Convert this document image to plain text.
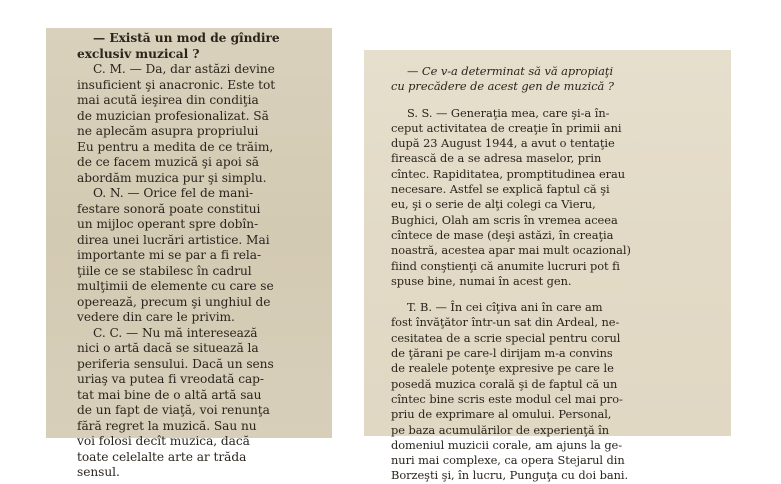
— Există un mod de gîndire
exclusiv muzical ?
C. M. — Da, dar astăzi devine
insuficient şi anacronic. Este tot
mai acută ieşirea din condiţia
de muzician profesionalizat. Să
ne aplecăm asupra propriului
Eu pentru a medita de ce trăim,
de ce facem muzică şi apoi să
abordăm muzica pur şi simplu.
O. N. — Orice fel de mani-
festare sonoră poate constitui
un mijloc operant spre dobîn-
direa unei lucrări artistice. Mai
importante mi se par a fi rela-
ţiile ce se stabilesc în cadrul
mulţimii de elemente cu care se
operează, precum şi unghiul de
vedere din care le privim.
C. C. — Nu mă interesează
nici o artă dacă se situează la
periferia sensului. Dacă un sens
uriaş va putea fi vreodată cap-
tat mai bine de o altă artă sau
de un fapt de viaţă, voi renunţa
fără regret la muzică. Sau nu
voi folosi decît muzica, dacă
toate celelalte arte ar trăda
sensul.
— Ce v-a determinat să vă apropiaţi
cu precădere de acest gen de muzică ?
S. S. — Generaţia mea, care şi-a în-
ceput activitatea de creaţie în primii ani
după 23 August 1944, a avut o tentaţie
firească de a se adresa maselor, prin
cîntec. Rapiditatea, promptitudinea erau
necesare. Astfel se explică faptul că şi
eu, şi o serie de alţi colegi ca Vieru,
Bughici, Olah am scris în vremea aceea
cîntece de mase (deşi astăzi, în creaţia
noastră, acestea apar mai mult ocazional)
fiind conştienţi că anumite lucruri pot fi
spuse bine, numai în acest gen.
T. B. — În cei cîţiva ani în care am
fost învăţător într-un sat din Ardeal, ne-
cesitatea de a scrie special pentru corul
de ţărani pe care-l dirijam m-a convins
de realele potenţe expresive pe care le
posedă muzica corală şi de faptul că un
cîntec bine scris este modul cel mai pro-
priu de exprimare al omului. Personal,
pe baza acumulărilor de experienţă în
domeniul muzicii corale, am ajuns la ge-
nuri mai complexe, ca opera Stejarul din
Borzeşti şi, în lucru, Punguţa cu doi bani.
